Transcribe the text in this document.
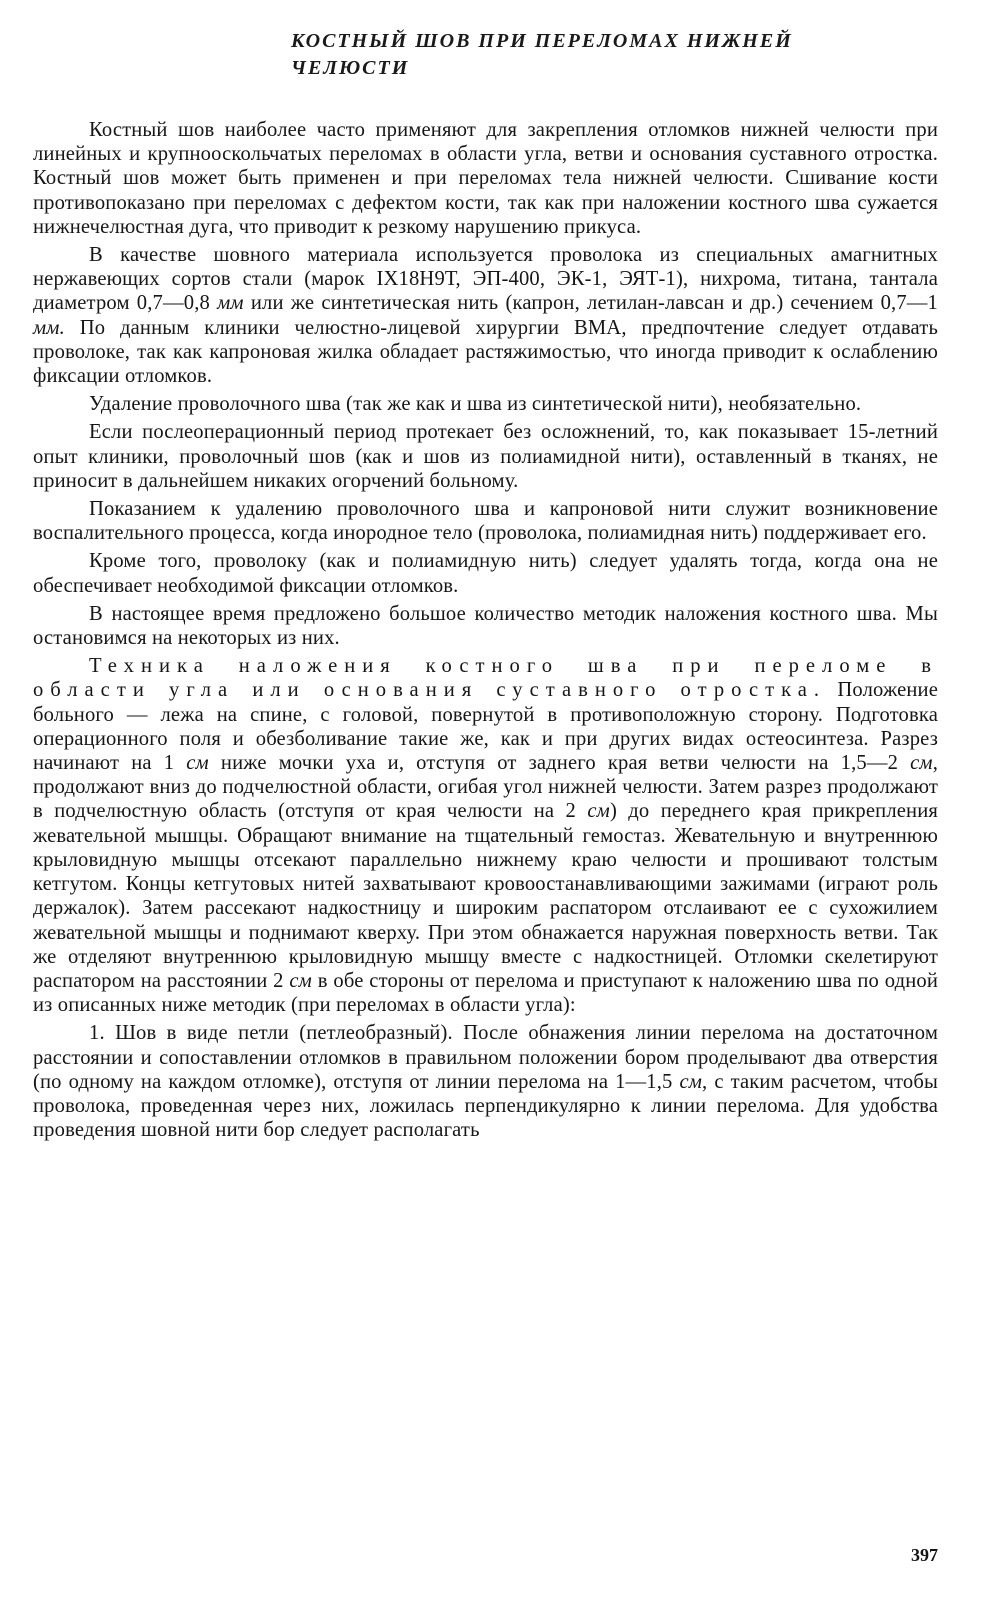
КОСТНЫЙ ШОВ ПРИ ПЕРЕЛОМАХ НИЖНЕЙ ЧЕЛЮСТИ

Костный шов наиболее часто применяют для закрепления отломков нижней челюсти при линейных и крупнооскольчатых переломах в области угла, ветви и основания суставного отростка. Костный шов может быть применен и при переломах тела нижней челюсти. Сшивание кости противопоказано при переломах с дефектом кости, так как при наложении костного шва сужается нижнечелюстная дуга, что приводит к резкому нарушению прикуса.

В качестве шовного материала используется проволока из специальных амагнитных нержавеющих сортов стали (марок IX18Н9Т, ЭП-400, ЭК-1, ЭЯТ-1), нихрома, титана, тантала диаметром 0,7—0,8 мм или же синтетическая нить (капрон, летилан-лавсан и др.) сечением 0,7—1 мм. По данным клиники челюстно-лицевой хирургии ВМА, предпочтение следует отдавать проволоке, так как капроновая жилка обладает растяжимостью, что иногда приводит к ослаблению фиксации отломков.

Удаление проволочного шва (так же как и шва из синтетической нити), необязательно.

Если послеоперационный период протекает без осложнений, то, как показывает 15-летний опыт клиники, проволочный шов (как и шов из полиамидной нити), оставленный в тканях, не приносит в дальнейшем никаких огорчений больному.

Показанием к удалению проволочного шва и капроновой нити служит возникновение воспалительного процесса, когда инородное тело (проволока, полиамидная нить) поддерживает его.

Кроме того, проволоку (как и полиамидную нить) следует удалять тогда, когда она не обеспечивает необходимой фиксации отломков.

В настоящее время предложено большое количество методик наложения костного шва. Мы остановимся на некоторых из них.

Техника наложения костного шва при переломе в области угла или основания суставного отростка. Положение больного — лежа на спине, с головой, повернутой в противоположную сторону. Подготовка операционного поля и обезболивание такие же, как и при других видах остеосинтеза. Разрез начинают на 1 см ниже мочки уха и, отступя от заднего края ветви челюсти на 1,5—2 см, продолжают вниз до подчелюстной области, огибая угол нижней челюсти. Затем разрез продолжают в подчелюстную область (отступя от края челюсти на 2 см) до переднего края прикрепления жевательной мышцы. Обращают внимание на тщательный гемостаз. Жевательную и внутреннюю крыловидную мышцы отсекают параллельно нижнему краю челюсти и прошивают толстым кетгутом. Концы кетгутовых нитей захватывают кровоостанавливающими зажимами (играют роль держалок). Затем рассекают надкостницу и широким распатором отслаивают ее с сухожилием жевательной мышцы и поднимают кверху. При этом обнажается наружная поверхность ветви. Так же отделяют внутреннюю крыловидную мышцу вместе с надкостницей. Отломки скелетируют распатором на расстоянии 2 см в обе стороны от перелома и приступают к наложению шва по одной из описанных ниже методик (при переломах в области угла):

1. Шов в виде петли (петлеобразный). После обнажения линии перелома на достаточном расстоянии и сопоставлении отломков в правильном положении бором проделывают два отверстия (по одному на каждом отломке), отступя от линии перелома на 1—1,5 см, с таким расчетом, чтобы проволока, проведенная через них, ложилась перпендикулярно к линии перелома. Для удобства проведения шовной нити бор следует располагать

397
